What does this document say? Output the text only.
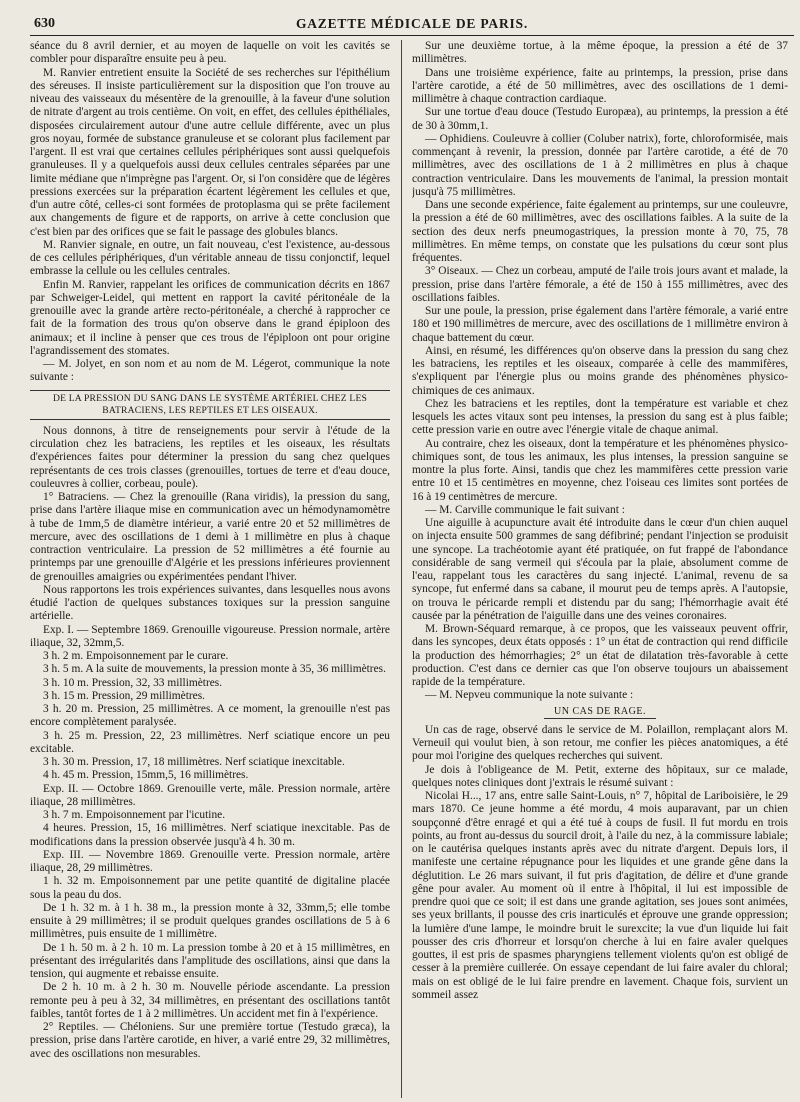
630	GAZETTE MÉDICALE DE PARIS.

séance du 8 avril dernier, et au moyen de laquelle on voit les cavités se combler pour disparaître ensuite peu à peu.

M. Ranvier entretient ensuite la Société de ses recherches sur l'épithélium des séreuses. Il insiste particulièrement sur la disposition que l'on trouve au niveau des vaisseaux du mésentère de la grenouille, à la faveur d'une solution de nitrate d'argent au trois centième. On voit, en effet, des cellules épithéliales, disposées circulairement autour d'une autre cellule différente, avec un plus gros noyau, formée de substance granuleuse et se colorant plus facilement par l'argent. Il est vrai que certaines cellules périphériques sont aussi quelquefois granuleuses. Il y a quelquefois aussi deux cellules centrales séparées par une limite médiane que n'imprègne pas l'argent. Or, si l'on considère que de légères pressions exercées sur la préparation écartent légèrement les cellules et que, d'un autre côté, celles-ci sont formées de protoplasma qui se prête facilement aux changements de figure et de rapports, on arrive à cette conclusion que c'est bien par des orifices que se fait le passage des globules blancs.

M. Ranvier signale, en outre, un fait nouveau, c'est l'existence, au-dessous de ces cellules périphériques, d'un véritable anneau de tissu conjonctif, lequel embrasse la cellule ou les cellules centrales.

Enfin M. Ranvier, rappelant les orifices de communication décrits en 1867 par Schweiger-Leidel, qui mettent en rapport la cavité péritonéale de la grenouille avec la grande artère recto-péritonéale, a cherché à rapprocher ce fait de la formation des trous qu'on observe dans le grand épiploon des animaux; et il incline à penser que ces trous de l'épiploon ont pour origine l'agrandissement des stomates.

— M. Jolyet, en son nom et au nom de M. Légerot, communique la note suivante :

DE LA PRESSION DU SANG DANS LE SYSTÈME ARTÉRIEL CHEZ LES BATRACIENS, LES REPTILES ET LES OISEAUX.

Nous donnons, à titre de renseignements pour servir à l'étude de la circulation chez les batraciens, les reptiles et les oiseaux, les résultats d'expériences faites pour déterminer la pression du sang chez quelques représentants de ces trois classes (grenouilles, tortues de terre et d'eau douce, couleuvres à collier, corbeau, poule).

1° Batraciens. — Chez la grenouille (Rana viridis), la pression du sang, prise dans l'artère iliaque mise en communication avec un hémodynamomètre à tube de 1mm,5 de diamètre intérieur, a varié entre 20 et 52 millimètres de mercure, avec des oscillations de 1 demi à 1 millimètre en plus à chaque contraction ventriculaire. La pression de 52 millimètres a été fournie au printemps par une grenouille d'Algérie et les pressions inférieures proviennent de grenouilles amaigries ou expérimentées pendant l'hiver.

Nous rapportons les trois expériences suivantes, dans lesquelles nous avons étudié l'action de quelques substances toxiques sur la pression sanguine artérielle.

Exp. I. — Septembre 1869. Grenouille vigoureuse. Pression normale, artère iliaque, 32, 32mm,5.

3 h. 2 m. Empoisonnement par le curare.

3 h. 5 m. A la suite de mouvements, la pression monte à 35, 36 millimètres.

3 h. 10 m. Pression, 32, 33 millimètres.

3 h. 15 m. Pression, 29 millimètres.

3 h. 20 m. Pression, 25 millimètres. A ce moment, la grenouille n'est pas encore complètement paralysée.

3 h. 25 m. Pression, 22, 23 millimètres. Nerf sciatique encore un peu excitable.

3 h. 30 m. Pression, 17, 18 millimètres. Nerf sciatique inexcitable.

4 h. 45 m. Pression, 15mm,5, 16 millimètres.

Exp. II. — Octobre 1869. Grenouille verte, mâle. Pression normale, artère iliaque, 28 millimètres.

3 h. 7 m. Empoisonnement par l'icutine.

4 heures. Pression, 15, 16 millimètres. Nerf sciatique inexcitable. Pas de modifications dans la pression observée jusqu'à 4 h. 30 m.

Exp. III. — Novembre 1869. Grenouille verte. Pression normale, artère iliaque, 28, 29 millimètres.

1 h. 32 m. Empoisonnement par une petite quantité de digitaline placée sous la peau du dos.

De 1 h. 32 m. à 1 h. 38 m., la pression monte à 32, 33mm,5; elle tombe ensuite à 29 millimètres; il se produit quelques grandes oscillations de 5 à 6 millimètres, puis ensuite de 1 millimètre.

De 1 h. 50 m. à 2 h. 10 m. La pression tombe à 20 et à 15 millimètres, en présentant des irrégularités dans l'amplitude des oscillations, ainsi que dans la tension, qui augmente et rebaisse ensuite.

De 2 h. 10 m. à 2 h. 30 m. Nouvelle période ascendante. La pression remonte peu à peu à 32, 34 millimètres, en présentant des oscillations tantôt faibles, tantôt fortes de 1 à 2 millimètres. Un accident met fin à l'expérience.

2° Reptiles. — Chéloniens. Sur une première tortue (Testudo græca), la pression, prise dans l'artère carotide, en hiver, a varié entre 29, 32 millimètres, avec des oscillations non mesurables.

Sur une deuxième tortue, à la même époque, la pression a été de 37 millimètres.

Dans une troisième expérience, faite au printemps, la pression, prise dans l'artère carotide, a été de 50 millimètres, avec des oscillations de 1 demi-millimètre à chaque contraction cardiaque.

Sur une tortue d'eau douce (Testudo Europæa), au printemps, la pression a été de 30 à 30mm,1.

— Ophidiens. Couleuvre à collier (Coluber natrix), forte, chloroformisée, mais commençant à revenir, la pression, donnée par l'artère carotide, a été de 70 millimètres, avec des oscillations de 1 à 2 millimètres en plus à chaque contraction ventriculaire. Dans les mouvements de l'animal, la pression montait jusqu'à 75 millimètres.

Dans une seconde expérience, faite également au printemps, sur une couleuvre, la pression a été de 60 millimètres, avec des oscillations faibles. A la suite de la section des deux nerfs pneumogastriques, la pression monte à 70, 75, 78 millimètres. En même temps, on constate que les pulsations du cœur sont plus fréquentes.

3° Oiseaux. — Chez un corbeau, amputé de l'aile trois jours avant et malade, la pression, prise dans l'artère fémorale, a été de 150 à 155 millimètres, avec des oscillations faibles.

Sur une poule, la pression, prise également dans l'artère fémorale, a varié entre 180 et 190 millimètres de mercure, avec des oscillations de 1 millimètre environ à chaque battement du cœur.

Ainsi, en résumé, les différences qu'on observe dans la pression du sang chez les batraciens, les reptiles et les oiseaux, comparée à celle des mammifères, s'expliquent par l'énergie plus ou moins grande des phénomènes physico-chimiques de ces animaux.

Chez les batraciens et les reptiles, dont la température est variable et chez lesquels les actes vitaux sont peu intenses, la pression du sang est à plus faible; cette pression varie en outre avec l'énergie vitale de chaque animal.

Au contraire, chez les oiseaux, dont la température et les phénomènes physico-chimiques sont, de tous les animaux, les plus intenses, la pression sanguine se montre la plus forte. Ainsi, tandis que chez les mammifères cette pression varie entre 10 et 15 centimètres en moyenne, chez l'oiseau ces limites sont portées de 16 à 19 centimètres de mercure.

— M. Carville communique le fait suivant :

Une aiguille à acupuncture avait été introduite dans le cœur d'un chien auquel on injecta ensuite 500 grammes de sang défibriné; pendant l'injection se produisit une syncope. La trachéotomie ayant été pratiquée, on fut frappé de l'abondance considérable de sang vermeil qui s'écoula par la plaie, absolument comme de l'eau, rappelant tous les caractères du sang injecté. L'animal, revenu de sa syncope, fut enfermé dans sa cabane, il mourut peu de temps après. A l'autopsie, on trouva le péricarde rempli et distendu par du sang; l'hémorrhagie avait été causée par la pénétration de l'aiguille dans une des veines coronaires.

M. Brown-Séquard remarque, à ce propos, que les vaisseaux peuvent offrir, dans les syncopes, deux états opposés : 1° un état de contraction qui rend difficile la production des hémorrhagies; 2° un état de dilatation très-favorable à cette production. C'est dans ce dernier cas que l'on observe toujours un abaissement rapide de la température.

— M. Nepveu communique la note suivante :

UN CAS DE RAGE.

Un cas de rage, observé dans le service de M. Polaillon, remplaçant alors M. Verneuil qui voulut bien, à son retour, me confier les pièces anatomiques, a été pour moi l'origine des quelques recherches qui suivent.

Je dois à l'obligeance de M. Petit, externe des hôpitaux, sur ce malade, quelques notes cliniques dont j'extrais le résumé suivant :

Nicolai H..., 17 ans, entre salle Saint-Louis, n° 7, hôpital de Lariboisière, le 29 mars 1870. Ce jeune homme a été mordu, 4 mois auparavant, par un chien soupçonné d'être enragé et qui a été tué à coups de fusil. Il fut mordu en trois points, au front au-dessus du sourcil droit, à l'aile du nez, à la commissure labiale; on le cautérisa quelques instants après avec du nitrate d'argent. Depuis lors, il manifeste une certaine répugnance pour les liquides et une grande gêne dans la déglutition. Le 26 mars suivant, il fut pris d'agitation, de délire et d'une grande gêne pour avaler. Au moment où il entre à l'hôpital, il lui est impossible de prendre quoi que ce soit; il est dans une grande agitation, ses joues sont animées, ses yeux brillants, il pousse des cris inarticulés et éprouve une grande oppression; la lumière d'une lampe, le moindre bruit le surexcite; la vue d'un liquide lui fait pousser des cris d'horreur et lorsqu'on cherche à lui en faire avaler quelques gouttes, il est pris de spasmes pharyngiens tellement violents qu'on est obligé de cesser à la première cuillerée. On essaye cependant de lui faire avaler du chloral; mais on est obligé de le lui faire prendre en lavement. Chaque fois, survient un sommeil assez
